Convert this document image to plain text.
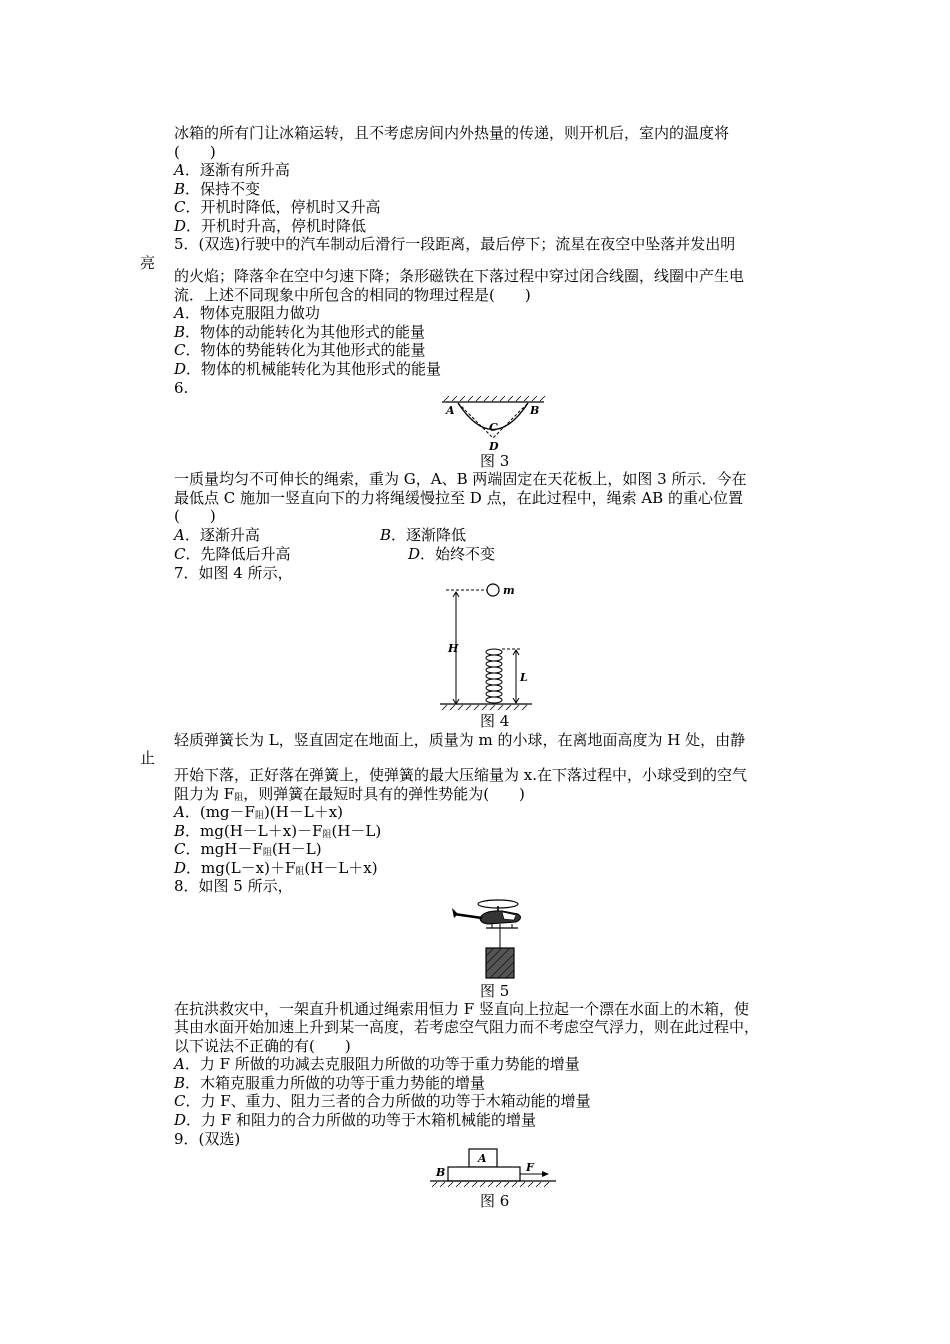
冰箱的所有门让冰箱运转，且不考虑房间内外热量的传递，则开机后，室内的温度将
(　　)
A．逐渐有所升高
B．保持不变
C．开机时降低，停机时又升高
D．开机时升高，停机时降低
5．(双选)行驶中的汽车制动后滑行一段距离，最后停下；流星在夜空中坠落并发出明
亮
的火焰；降落伞在空中匀速下降；条形磁铁在下落过程中穿过闭合线圈，线圈中产生电
流．上述不同现象中所包含的相同的物理过程是(　　)
A．物体克服阻力做功
B．物体的动能转化为其他形式的能量
C．物体的势能转化为其他形式的能量
D．物体的机械能转化为其他形式的能量
6.
A	B
C
D
图 3
一质量均匀不可伸长的绳索，重为 G，A、B 两端固定在天花板上，如图 3 所示．今在
最低点 C 施加一竖直向下的力将绳缓慢拉至 D 点，在此过程中，绳索 AB 的重心位置
(　　)
A．逐渐升高	B．逐渐降低
C．先降低后升高	D．始终不变
7．如图 4 所示，
m
H
L
图 4
轻质弹簧长为 L，竖直固定在地面上，质量为 m 的小球，在离地面高度为 H 处，由静
止
开始下落，正好落在弹簧上，使弹簧的最大压缩量为 x.在下落过程中，小球受到的空气
阻力为 F阻，则弹簧在最短时具有的弹性势能为(　　)
A．(mg－F阻)(H－L＋x)
B．mg(H－L＋x)－F阻(H－L)
C．mgH－F阻(H－L)
D．mg(L－x)＋F阻(H－L＋x)
8．如图 5 所示，
图 5
在抗洪救灾中，一架直升机通过绳索用恒力 F 竖直向上拉起一个漂在水面上的木箱，使
其由水面开始加速上升到某一高度，若考虑空气阻力而不考虑空气浮力，则在此过程中，
以下说法不正确的有(　　)
A．力 F 所做的功减去克服阻力所做的功等于重力势能的增量
B．木箱克服重力所做的功等于重力势能的增量
C．力 F、重力、阻力三者的合力所做的功等于木箱动能的增量
D．力 F 和阻力的合力所做的功等于木箱机械能的增量
9．(双选)
A
B	F
图 6
